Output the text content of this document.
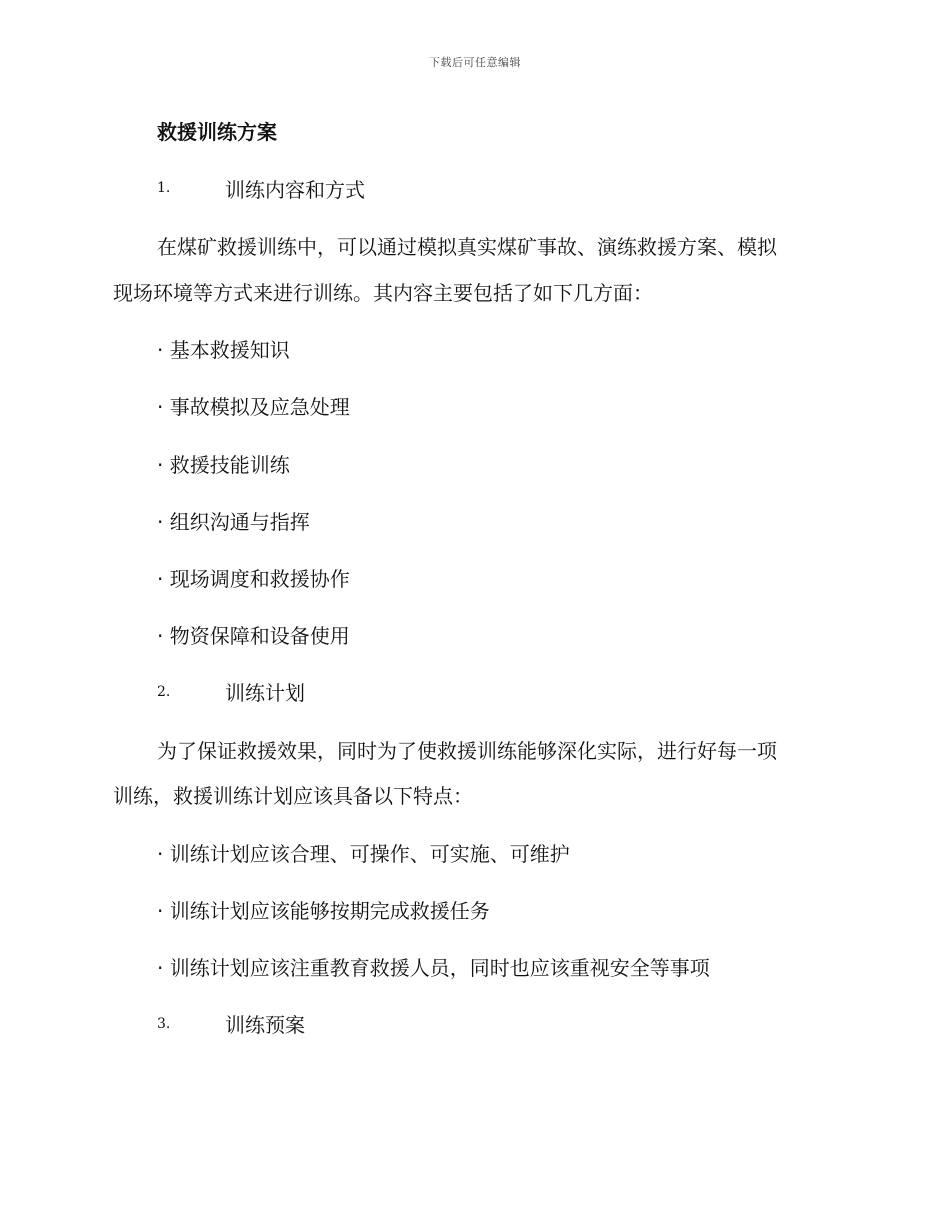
下载后可任意编辑
救援训练方案
1.	训练内容和方式
在煤矿救援训练中，可以通过模拟真实煤矿事故、演练救援方案、模拟
现场环境等方式来进行训练。其内容主要包括了如下几方面：
· 基本救援知识
· 事故模拟及应急处理
· 救援技能训练
· 组织沟通与指挥
· 现场调度和救援协作
· 物资保障和设备使用
2.	训练计划
为了保证救援效果，同时为了使救援训练能够深化实际，进行好每一项
训练，救援训练计划应该具备以下特点：
· 训练计划应该合理、可操作、可实施、可维护
· 训练计划应该能够按期完成救援任务
· 训练计划应该注重教育救援人员，同时也应该重视安全等事项
3.	训练预案
